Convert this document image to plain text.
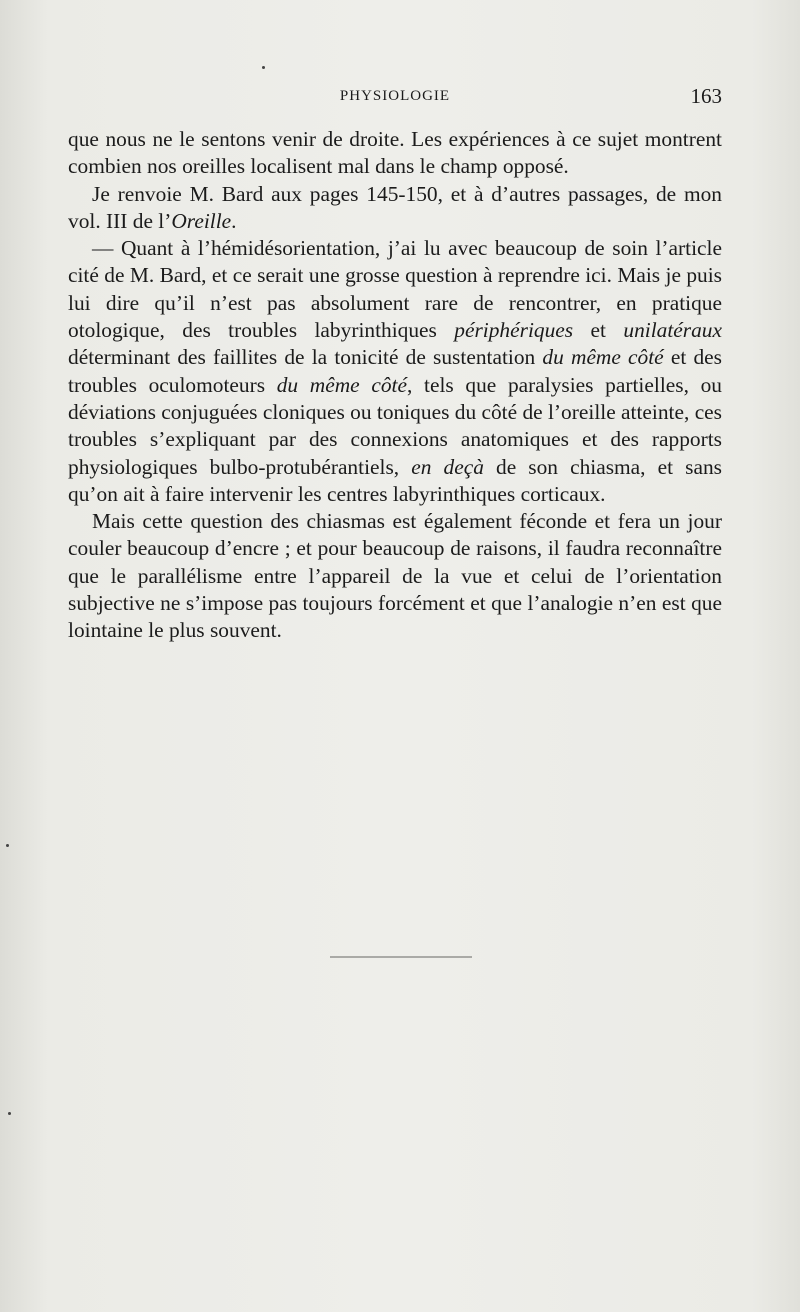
PHYSIOLOGIE	163

que nous ne le sentons venir de droite. Les expériences à ce sujet montrent combien nos oreilles localisent mal dans le champ opposé.

Je renvoie M. Bard aux pages 145-150, et à d’autres passages, de mon vol. III de l’Oreille.

— Quant à l’hémidésorientation, j’ai lu avec beaucoup de soin l’article cité de M. Bard, et ce serait une grosse question à reprendre ici. Mais je puis lui dire qu’il n’est pas absolument rare de rencontrer, en pratique otologique, des troubles labyrinthiques périphériques et unilatéraux déterminant des faillites de la tonicité de sustentation du même côté et des troubles oculomoteurs du même côté, tels que paralysies partielles, ou déviations conjuguées cloniques ou toniques du côté de l’oreille atteinte, ces troubles s’expliquant par des connexions anatomiques et des rapports physiologiques bulbo-protubérantiels, en deçà de son chiasma, et sans qu’on ait à faire intervenir les centres labyrinthiques corticaux.

Mais cette question des chiasmas est également féconde et fera un jour couler beaucoup d’encre ; et pour beaucoup de raisons, il faudra reconnaître que le parallélisme entre l’appareil de la vue et celui de l’orientation subjective ne s’impose pas toujours forcément et que l’analogie n’en est que lointaine le plus souvent.
